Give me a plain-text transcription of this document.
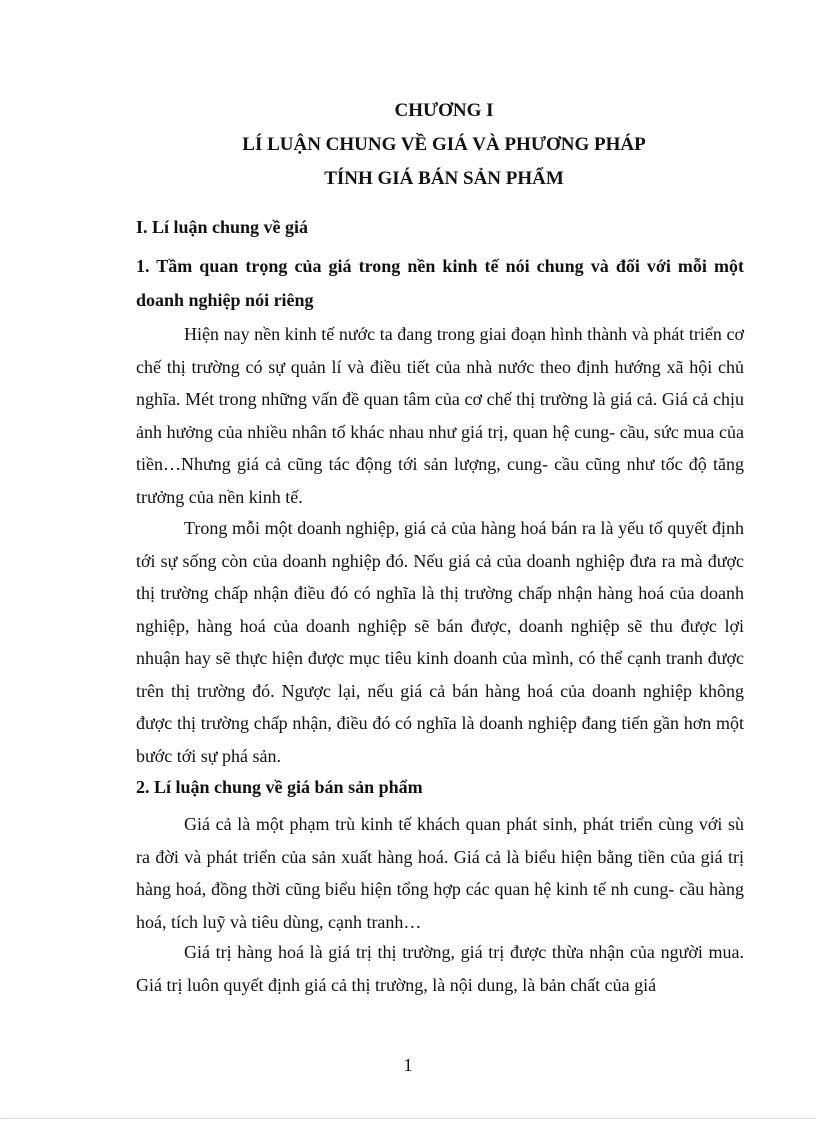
CHƯƠNG I
LÍ LUẬN CHUNG VỀ GIÁ VÀ PHƯƠNG PHÁP
TÍNH GIÁ BÁN SẢN PHẨM
I. Lí luận chung về giá
1. Tầm quan trọng của giá trong nền kinh tế nói chung và đối với mỗi một doanh nghiệp nói riêng

Hiện nay nền kinh tế nước ta đang trong giai đoạn hình thành và phát triển cơ chế thị trường có sự quản lí và điều tiết của nhà nước theo định hướng xã hội chủ nghĩa. Mét trong những vấn đề quan tâm của cơ chế thị trường là giá cả. Giá cả chịu ảnh hưởng của nhiều nhân tố khác nhau như giá trị, quan hệ cung- cầu, sức mua của tiền…Nhưng giá cả cũng tác động tới sản lượng, cung- cầu cũng như tốc độ tăng trưởng của nền kinh tế.

Trong mỗi một doanh nghiệp, giá cả của hàng hoá bán ra là yếu tố quyết định tới sự sống còn của doanh nghiệp đó. Nếu giá cả của doanh nghiệp đưa ra mà được thị trường chấp nhận điều đó có nghĩa là thị trường chấp nhận hàng hoá của doanh nghiệp, hàng hoá của doanh nghiệp sẽ bán được, doanh nghiệp sẽ thu được lợi nhuận hay sẽ thực hiện được mục tiêu kinh doanh của mình, có thể cạnh tranh được trên thị trường đó. Ngược lại, nếu giá cả bán hàng hoá của doanh nghiệp không được thị trường chấp nhận, điều đó có nghĩa là doanh nghiệp đang tiến gần hơn một bước tới sự phá sản.

2. Lí luận chung về giá bán sản phẩm

Giá cả là một phạm trù kinh tế khách quan phát sinh, phát triển cùng với sù ra đời và phát triển của sản xuất hàng hoá. Giá cả là biểu hiện bằng tiền của giá trị hàng hoá, đồng thời cũng biểu hiện tổng hợp các quan hệ kinh tế nh cung- cầu hàng hoá, tích luỹ và tiêu dùng, cạnh tranh…

Giá trị hàng hoá là giá trị thị trường, giá trị được thừa nhận của người mua. Giá trị luôn quyết định giá cả thị trường, là nội dung, là bản chất của giá

1
